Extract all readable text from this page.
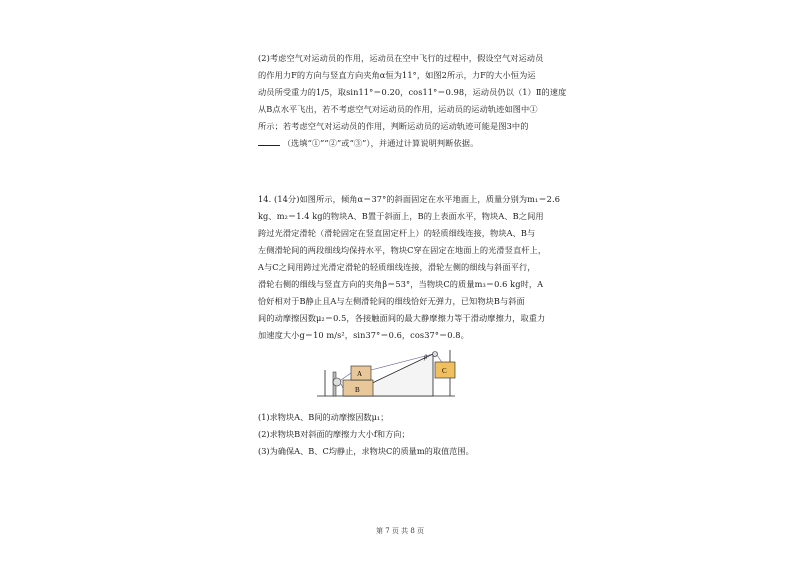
(2)考虑空气对运动员的作用，运动员在空中飞行的过程中，假设空气对运动员
的作用力F的方向与竖直方向夹角α恒为11°，如图2所示，力F的大小恒为运
动员所受重力的1/5，取sin11°＝0.20，cos11°＝0.98，运动员仍以（1）Ⅱ的速度
从B点水平飞出，若不考虑空气对运动员的作用，运动员的运动轨迹如图中①
所示；若考虑空气对运动员的作用，判断运动员的运动轨迹可能是图3中的
（选填“①”“②”或“③”），并通过计算说明判断依据。
14. (14分)如图所示，倾角α＝37°的斜面固定在水平地面上，质量分别为m₁＝2.6
kg、m₂＝1.4 kg的物块A、B置于斜面上，B的上表面水平，物块A、B之间用
跨过光滑定滑轮（滑轮固定在竖直固定杆上）的轻质细线连接，物块A、B与
左侧滑轮间的两段细线均保持水平，物块C穿在固定在地面上的光滑竖直杆上，
A与C之间用跨过光滑定滑轮的轻质细线连接，滑轮左侧的细线与斜面平行，
滑轮右侧的细线与竖直方向的夹角β＝53°，当物块C的质量m₃＝0.6 kg时，A
恰好相对于B静止且A与左侧滑轮间的细线恰好无弹力，已知物块B与斜面
间的动摩擦因数μ₂＝0.5，各接触面间的最大静摩擦力等于滑动摩擦力，取重力
加速度大小g＝10 m/s²，sin37°＝0.6，cos37°＝0.8。
A
B
β
C
(1)求物块A、B间的动摩擦因数μ₁；
(2)求物块B对斜面的摩擦力大小f和方向；
(3)为确保A、B、C均静止，求物块C的质量m的取值范围。
第 7 页 共 8 页
